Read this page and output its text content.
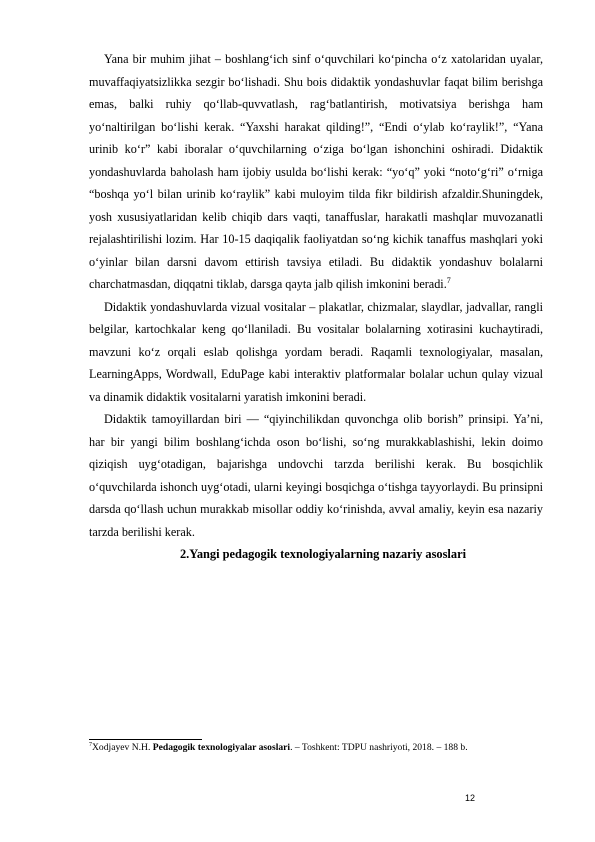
Yana bir muhim jihat – boshlang‘ich sinf o‘quvchilari ko‘pincha o‘z xatolaridan uyalar, muvaffaqiyatsizlikka sezgir bo‘lishadi. Shu bois didaktik yondashuvlar faqat bilim berishga emas, balki ruhiy qo‘llab-quvvatlash, rag‘batlantirish, motivatsiya berishga ham yo‘naltirilgan bo‘lishi kerak. “Yaxshi harakat qilding!”, “Endi o‘ylab ko‘raylik!”, “Yana urinib ko‘r” kabi iboralar o‘quvchilarning o‘ziga bo‘lgan ishonchini oshiradi. Didaktik yondashuvlarda baholash ham ijobiy usulda bo‘lishi kerak: “yo‘q” yoki “noto‘g‘ri” o‘rniga “boshqa yo‘l bilan urinib ko‘raylik” kabi muloyim tilda fikr bildirish afzaldir.Shuningdek, yosh xususiyatlaridan kelib chiqib dars vaqti, tanaffuslar, harakatli mashqlar muvozanatli rejalashtirilishi lozim. Har 10-15 daqiqalik faoliyatdan so‘ng kichik tanaffus mashqlari yoki o‘yinlar bilan darsni davom ettirish tavsiya etiladi. Bu didaktik yondashuv bolalarni charchatmasdan, diqqatni tiklab, darsga qayta jalb qilish imkonini beradi.$^7$

Didaktik yondashuvlarda vizual vositalar – plakatlar, chizmalar, slaydlar, jadvallar, rangli belgilar, kartochkalar keng qo‘llaniladi. Bu vositalar bolalarning xotirasini kuchaytiradi, mavzuni ko‘z orqali eslab qolishga yordam beradi. Raqamli texnologiyalar, masalan, LearningApps, Wordwall, EduPage kabi interaktiv platformalar bolalar uchun qulay vizual va dinamik didaktik vositalarni yaratish imkonini beradi.

Didaktik tamoyillardan biri — “qiyinchilikdan quvonchga olib borish” prinsipi. Ya’ni, har bir yangi bilim boshlang‘ichda oson bo‘lishi, so‘ng murakkablashishi, lekin doimo qiziqish uyg‘otadigan, bajarishga undovchi tarzda berilishi kerak. Bu bosqichlik o‘quvchilarda ishonch uyg‘otadi, ularni keyingi bosqichga o‘tishga tayyorlaydi. Bu prinsipni darsda qo‘llash uchun murakkab misollar oddiy ko‘rinishda, avval amaliy, keyin esa nazariy tarzda berilishi kerak.

2.Yangi pedagogik texnologiyalarning nazariy asoslari

$^7$Xodjayev N.H. Pedagogik texnologiyalar asoslari. – Toshkent: TDPU nashriyoti, 2018. – 188 b.

12
